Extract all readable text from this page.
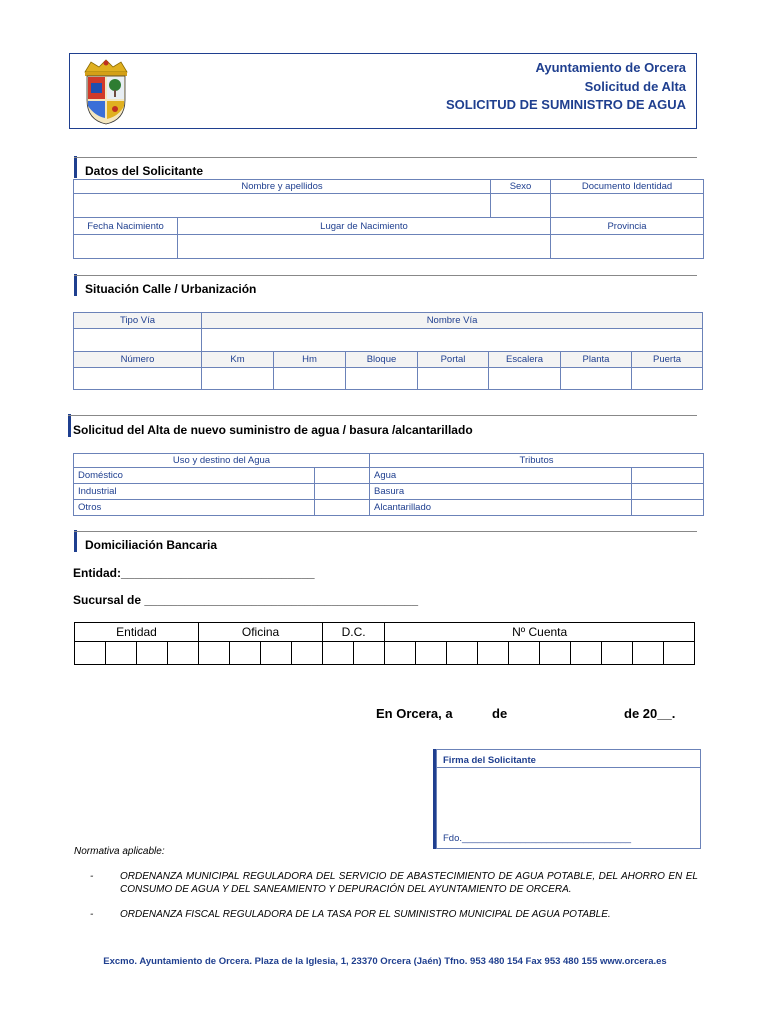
Ayuntamiento de Orcera
Solicitud de Alta
SOLICITUD DE SUMINISTRO DE AGUA
Datos del Solicitante
Nombre y apellidos		Sexo	Documento Identidad

Fecha Nacimiento	Lugar de Nacimiento		Provincia

Situación Calle / Urbanización
Tipo Vía	Nombre Vía						

Número	Km	Hm	Bloque	Portal	Escalera	Planta	Puerta

Solicitud del Alta de nuevo suministro de agua / basura /alcantarillado
Uso y destino del Agua		Tributos	
Doméstico		Agua	
Industrial		Basura	
Otros		Alcantarillado	
Domiciliación Bancaria
Entidad:_____________________________
Sucursal de _________________________________________
Entidad				Oficina				D.C.		Nº Cuenta									

En Orcera, a	de	de 20__.
Firma del Solicitante
Fdo.________________________________
Normativa aplicable:
-	ORDENANZA MUNICIPAL REGULADORA DEL SERVICIO DE ABASTECIMIENTO DE AGUA POTABLE, DEL AHORRO EN EL CONSUMO DE AGUA Y DEL SANEAMIENTO Y DEPURACIÓN DEL AYUNTAMIENTO DE ORCERA.
-	ORDENANZA FISCAL REGULADORA DE LA TASA POR EL SUMINISTRO MUNICIPAL DE AGUA POTABLE.
Excmo. Ayuntamiento de Orcera. Plaza de la Iglesia, 1, 23370 Orcera (Jaén) Tfno. 953 480 154 Fax 953 480 155 www.orcera.es
